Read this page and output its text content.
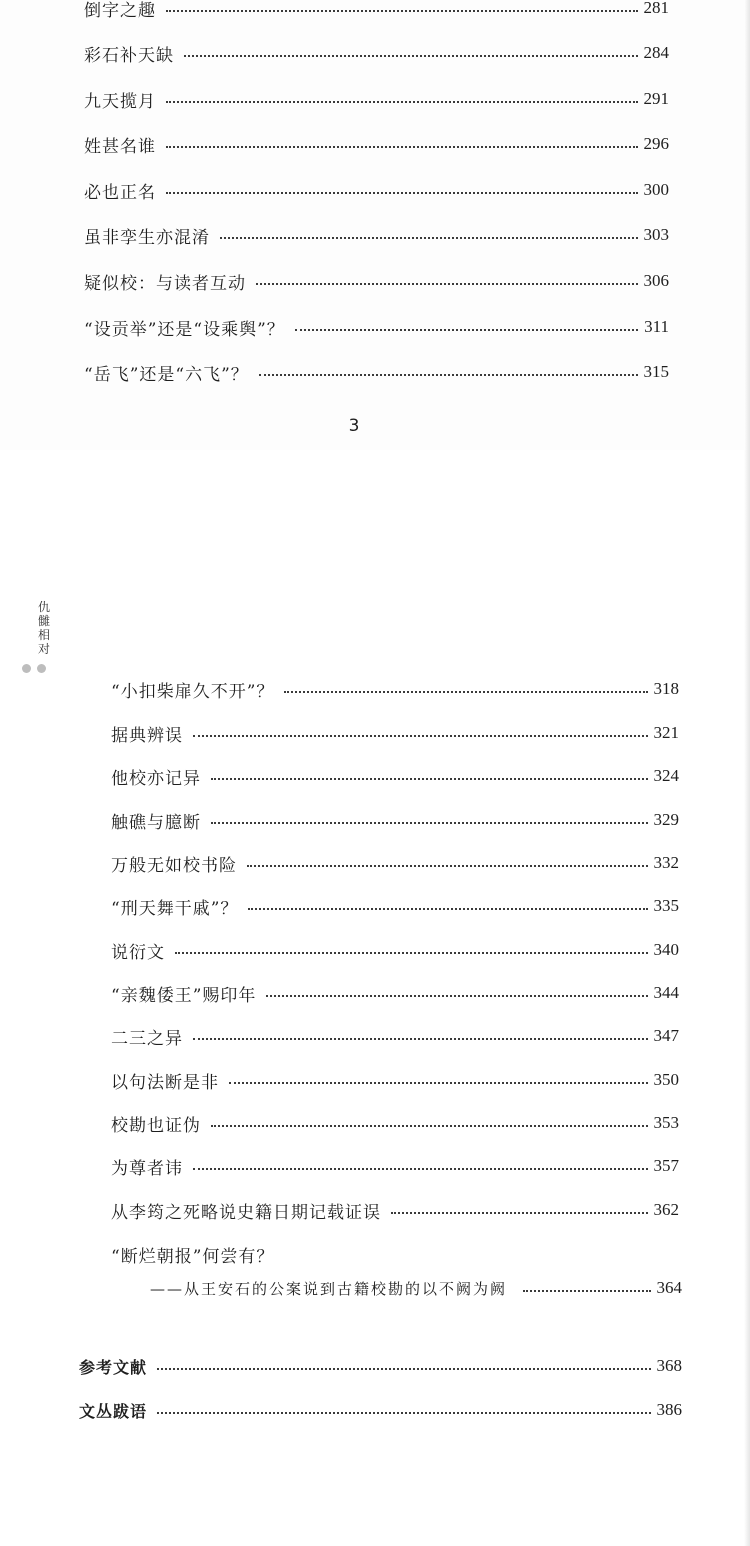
倒字之趣	281
彩石补天缺	284
九天揽月	291
姓甚名谁	296
必也正名	300
虽非孪生亦混淆	303
疑似校：与读者互动	306
“设贡举”还是“设乘舆”？	311
“岳飞”还是“六飞”？	315
3
仇
雠
相
对
“小扣柴扉久不开”？	318
据典辨误	321
他校亦记异	324
触礁与臆断	329
万般无如校书险	332
“刑天舞干戚”？	335
说衍文	340
“亲魏倭王”赐印年	344
二三之异	347
以句法断是非	350
校勘也证伪	353
为尊者讳	357
从李筠之死略说史籍日期记载证误	362
“断烂朝报”何尝有？
——从王安石的公案说到古籍校勘的以不阙为阙	364
参考文献	368
文丛跋语	386
